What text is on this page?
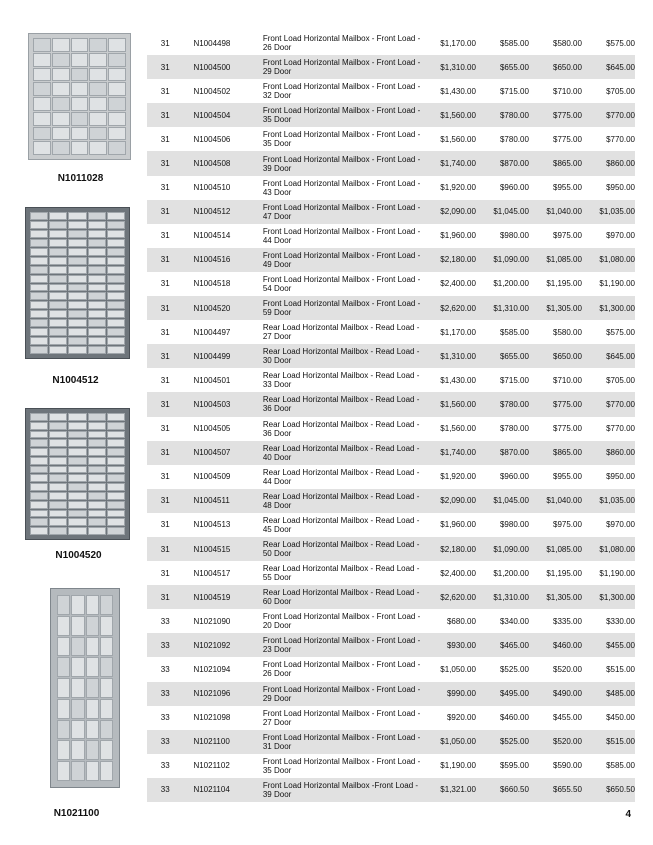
N1011028
N1004512
N1004520
N1021100
31	N1004498	Front Load Horizontal Mailbox - Front Load - 26 Door	$1,170.00	$585.00	$580.00	$575.00
31	N1004500	Front Load Horizontal Mailbox - Front Load - 29 Door	$1,310.00	$655.00	$650.00	$645.00
31	N1004502	Front Load Horizontal Mailbox - Front Load - 32 Door	$1,430.00	$715.00	$710.00	$705.00
31	N1004504	Front Load Horizontal Mailbox - Front Load - 35 Door	$1,560.00	$780.00	$775.00	$770.00
31	N1004506	Front Load Horizontal Mailbox - Front Load - 35 Door	$1,560.00	$780.00	$775.00	$770.00
31	N1004508	Front Load Horizontal Mailbox - Front Load - 39 Door	$1,740.00	$870.00	$865.00	$860.00
31	N1004510	Front Load Horizontal Mailbox - Front Load - 43 Door	$1,920.00	$960.00	$955.00	$950.00
31	N1004512	Front Load Horizontal Mailbox - Front Load - 47 Door	$2,090.00	$1,045.00	$1,040.00	$1,035.00
31	N1004514	Front Load Horizontal Mailbox - Front Load - 44 Door	$1,960.00	$980.00	$975.00	$970.00
31	N1004516	Front Load Horizontal Mailbox - Front Load - 49 Door	$2,180.00	$1,090.00	$1,085.00	$1,080.00
31	N1004518	Front Load Horizontal Mailbox - Front Load - 54 Door	$2,400.00	$1,200.00	$1,195.00	$1,190.00
31	N1004520	Front Load Horizontal Mailbox - Front Load - 59 Door	$2,620.00	$1,310.00	$1,305.00	$1,300.00
31	N1004497	Rear Load Horizontal Mailbox - Read Load - 27 Door	$1,170.00	$585.00	$580.00	$575.00
31	N1004499	Rear Load Horizontal Mailbox - Read Load - 30 Door	$1,310.00	$655.00	$650.00	$645.00
31	N1004501	Rear Load Horizontal Mailbox - Read Load - 33 Door	$1,430.00	$715.00	$710.00	$705.00
31	N1004503	Rear Load Horizontal Mailbox - Read Load - 36 Door	$1,560.00	$780.00	$775.00	$770.00
31	N1004505	Rear Load Horizontal Mailbox - Read Load - 36 Door	$1,560.00	$780.00	$775.00	$770.00
31	N1004507	Rear Load Horizontal Mailbox - Read Load - 40 Door	$1,740.00	$870.00	$865.00	$860.00
31	N1004509	Rear Load Horizontal Mailbox - Read Load - 44 Door	$1,920.00	$960.00	$955.00	$950.00
31	N1004511	Rear Load Horizontal Mailbox - Read Load - 48 Door	$2,090.00	$1,045.00	$1,040.00	$1,035.00
31	N1004513	Rear Load Horizontal Mailbox - Read Load - 45 Door	$1,960.00	$980.00	$975.00	$970.00
31	N1004515	Rear Load Horizontal Mailbox - Read Load - 50 Door	$2,180.00	$1,090.00	$1,085.00	$1,080.00
31	N1004517	Rear Load Horizontal Mailbox - Read Load - 55 Door	$2,400.00	$1,200.00	$1,195.00	$1,190.00
31	N1004519	Rear Load Horizontal Mailbox - Read Load - 60 Door	$2,620.00	$1,310.00	$1,305.00	$1,300.00
33	N1021090	Front Load Horizontal Mailbox - Front Load - 20 Door	$680.00	$340.00	$335.00	$330.00
33	N1021092	Front Load Horizontal Mailbox - Front Load - 23 Door	$930.00	$465.00	$460.00	$455.00
33	N1021094	Front Load Horizontal Mailbox - Front Load - 26 Door	$1,050.00	$525.00	$520.00	$515.00
33	N1021096	Front Load Horizontal Mailbox - Front Load - 29 Door	$990.00	$495.00	$490.00	$485.00
33	N1021098	Front Load Horizontal Mailbox - Front Load - 27 Door	$920.00	$460.00	$455.00	$450.00
33	N1021100	Front Load Horizontal Mailbox - Front Load - 31 Door	$1,050.00	$525.00	$520.00	$515.00
33	N1021102	Front Load Horizontal Mailbox - Front Load - 35 Door	$1,190.00	$595.00	$590.00	$585.00
33	N1021104	Front Load Horizontal Mailbox -Front Load - 39 Door	$1,321.00	$660.50	$655.50	$650.50
4
